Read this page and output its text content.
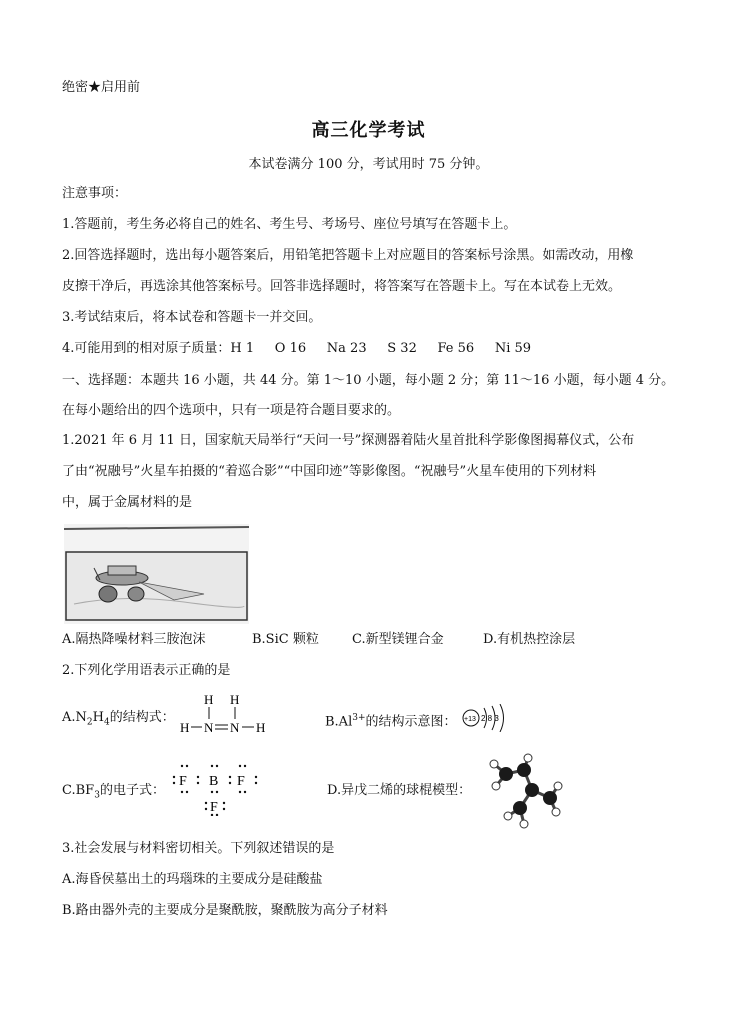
绝密★启用前
高三化学考试
本试卷满分 100 分，考试用时 75 分钟。
注意事项：
1.答题前，考生务必将自己的姓名、考生号、考场号、座位号填写在答题卡上。
2.回答选择题时，选出每小题答案后，用铅笔把答题卡上对应题目的答案标号涂黑。如需改动，用橡
皮擦干净后，再选涂其他答案标号。回答非选择题时，将答案写在答题卡上。写在本试卷上无效。
3.考试结束后，将本试卷和答题卡一并交回。
4.可能用到的相对原子质量：H 1     O 16     Na 23     S 32     Fe 56     Ni 59
一、选择题：本题共 16 小题，共 44 分。第 1～10 小题，每小题 2 分；第 11～16 小题，每小题 4 分。
在每小题给出的四个选项中，只有一项是符合题目要求的。
1.2021 年 6 月 11 日，国家航天局举行“天问一号”探测器着陆火星首批科学影像图揭幕仪式，公布
了由“祝融号”火星车拍摄的“着巡合影”“中国印迹”等影像图。“祝融号”火星车使用的下列材料
中，属于金属材料的是
A.隔热降噪材料三胺泡沫	B.SiC 颗粒	C.新型镁锂合金	D.有机热控涂层
2.下列化学用语表示正确的是
$A.N_2H_4$的结构式：
H H
H N N H	$B.Al^{3+}$的结构示意图： +13 2 8 3
$C.BF_3$的电子式：
F B F
F
D.异戊二烯的球棍模型：
3.社会发展与材料密切相关。下列叙述错误的是
A.海昏侯墓出土的玛瑙珠的主要成分是硅酸盐
B.路由器外壳的主要成分是聚酰胺，聚酰胺为高分子材料
